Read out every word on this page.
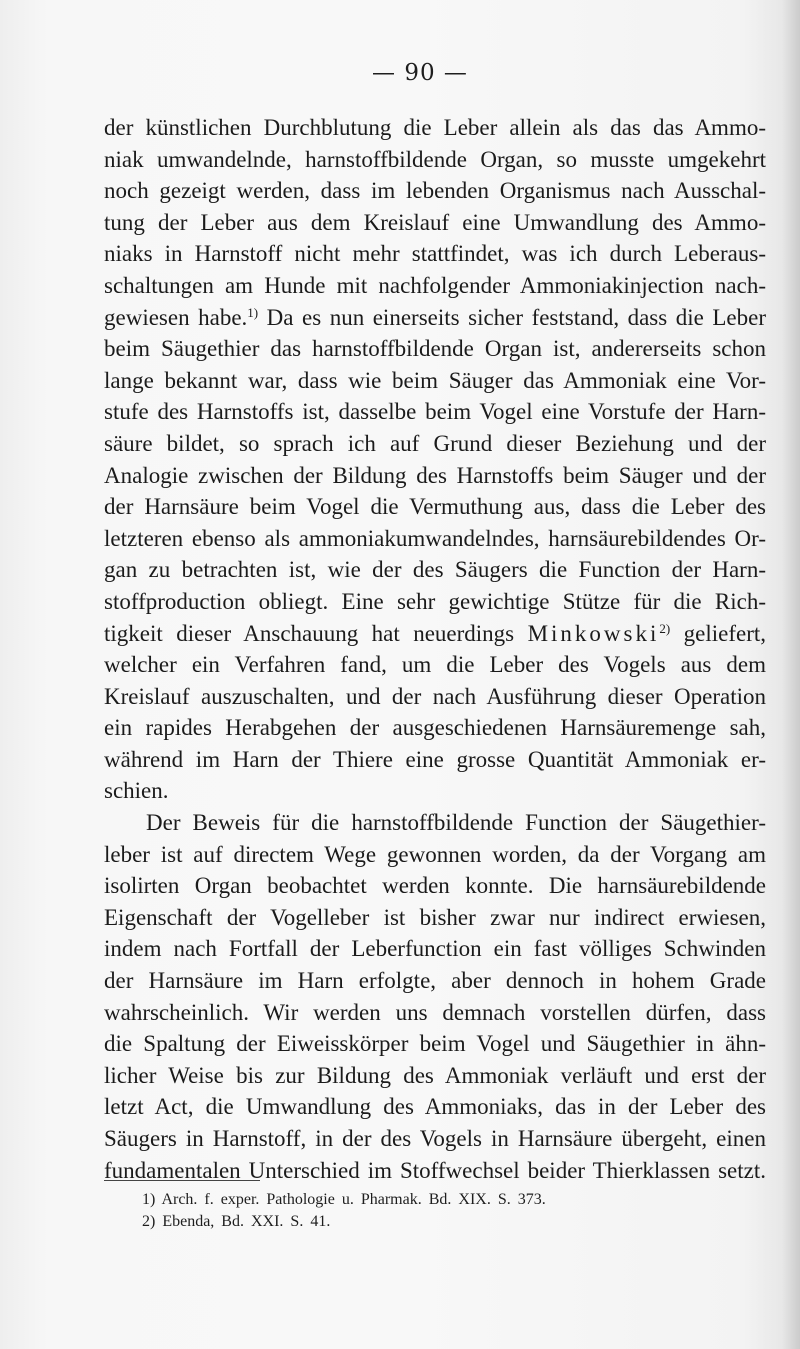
— 90 —
der künstlichen Durchblutung die Leber allein als das das Ammo-
niak umwandelnde, harnstoffbildende Organ, so musste umgekehrt
noch gezeigt werden, dass im lebenden Organismus nach Ausschal-
tung der Leber aus dem Kreislauf eine Umwandlung des Ammo-
niaks in Harnstoff nicht mehr stattfindet, was ich durch Leberaus-
schaltungen am Hunde mit nachfolgender Ammoniakinjection nach-
gewiesen habe.$^{1)}$ Da es nun einerseits sicher feststand, dass die Leber
beim Säugethier das harnstoffbildende Organ ist, andererseits schon
lange bekannt war, dass wie beim Säuger das Ammoniak eine Vor-
stufe des Harnstoffs ist, dasselbe beim Vogel eine Vorstufe der Harn-
säure bildet, so sprach ich auf Grund dieser Beziehung und der
Analogie zwischen der Bildung des Harnstoffs beim Säuger und der
der Harnsäure beim Vogel die Vermuthung aus, dass die Leber des
letzteren ebenso als ammoniakumwandelndes, harnsäurebildendes Or-
gan zu betrachten ist, wie der des Säugers die Function der Harn-
stoffproduction obliegt. Eine sehr gewichtige Stütze für die Rich-
tigkeit dieser Anschauung hat neuerdings Minkowski$^{2)}$ geliefert,
welcher ein Verfahren fand, um die Leber des Vogels aus dem
Kreislauf auszuschalten, und der nach Ausführung dieser Operation
ein rapides Herabgehen der ausgeschiedenen Harnsäuremenge sah,
während im Harn der Thiere eine grosse Quantität Ammoniak er-
schien.
Der Beweis für die harnstoffbildende Function der Säugethier-
leber ist auf directem Wege gewonnen worden, da der Vorgang am
isolirten Organ beobachtet werden konnte. Die harnsäurebildende
Eigenschaft der Vogelleber ist bisher zwar nur indirect erwiesen,
indem nach Fortfall der Leberfunction ein fast völliges Schwinden
der Harnsäure im Harn erfolgte, aber dennoch in hohem Grade
wahrscheinlich. Wir werden uns demnach vorstellen dürfen, dass
die Spaltung der Eiweisskörper beim Vogel und Säugethier in ähn-
licher Weise bis zur Bildung des Ammoniak verläuft und erst der
letzt Act, die Umwandlung des Ammoniaks, das in der Leber des
Säugers in Harnstoff, in der des Vogels in Harnsäure übergeht, einen
fundamentalen Unterschied im Stoffwechsel beider Thierklassen setzt.
1) Arch. f. exper. Pathologie u. Pharmak. Bd. XIX. S. 373.
2) Ebenda, Bd. XXI. S. 41.
